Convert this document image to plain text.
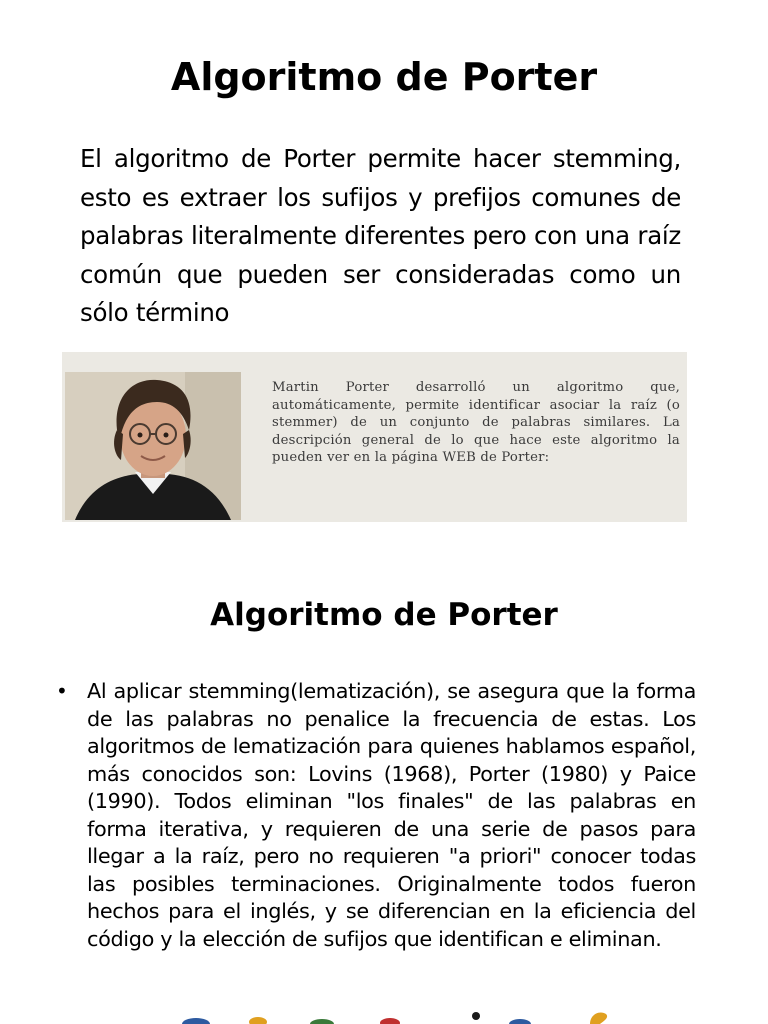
Algoritmo de Porter

El algoritmo de Porter permite hacer stemming, esto es extraer los sufijos y prefijos comunes de palabras literalmente diferentes pero con una raíz común que pueden ser consideradas como un sólo término

Martin Porter desarrolló un algoritmo que, automáticamente, permite identificar asociar la raíz (o stemmer) de un conjunto de palabras similares. La descripción general de lo que hace este algoritmo la pueden ver en la página WEB de Porter:

Algoritmo de Porter
• Al aplicar stemming(lematización), se asegura que la forma de las palabras no penalice la frecuencia de estas. Los algoritmos de lematización para quienes hablamos español, más conocidos son: Lovins (1968), Porter (1980) y Paice (1990). Todos eliminan "los finales" de las palabras en forma iterativa, y requieren de una serie de pasos para llegar a la raíz, pero no requieren "a priori" conocer todas las posibles terminaciones. Originalmente todos fueron hechos para el inglés, y se diferencian en la eficiencia del código y la elección de sufijos que identifican e eliminan.
